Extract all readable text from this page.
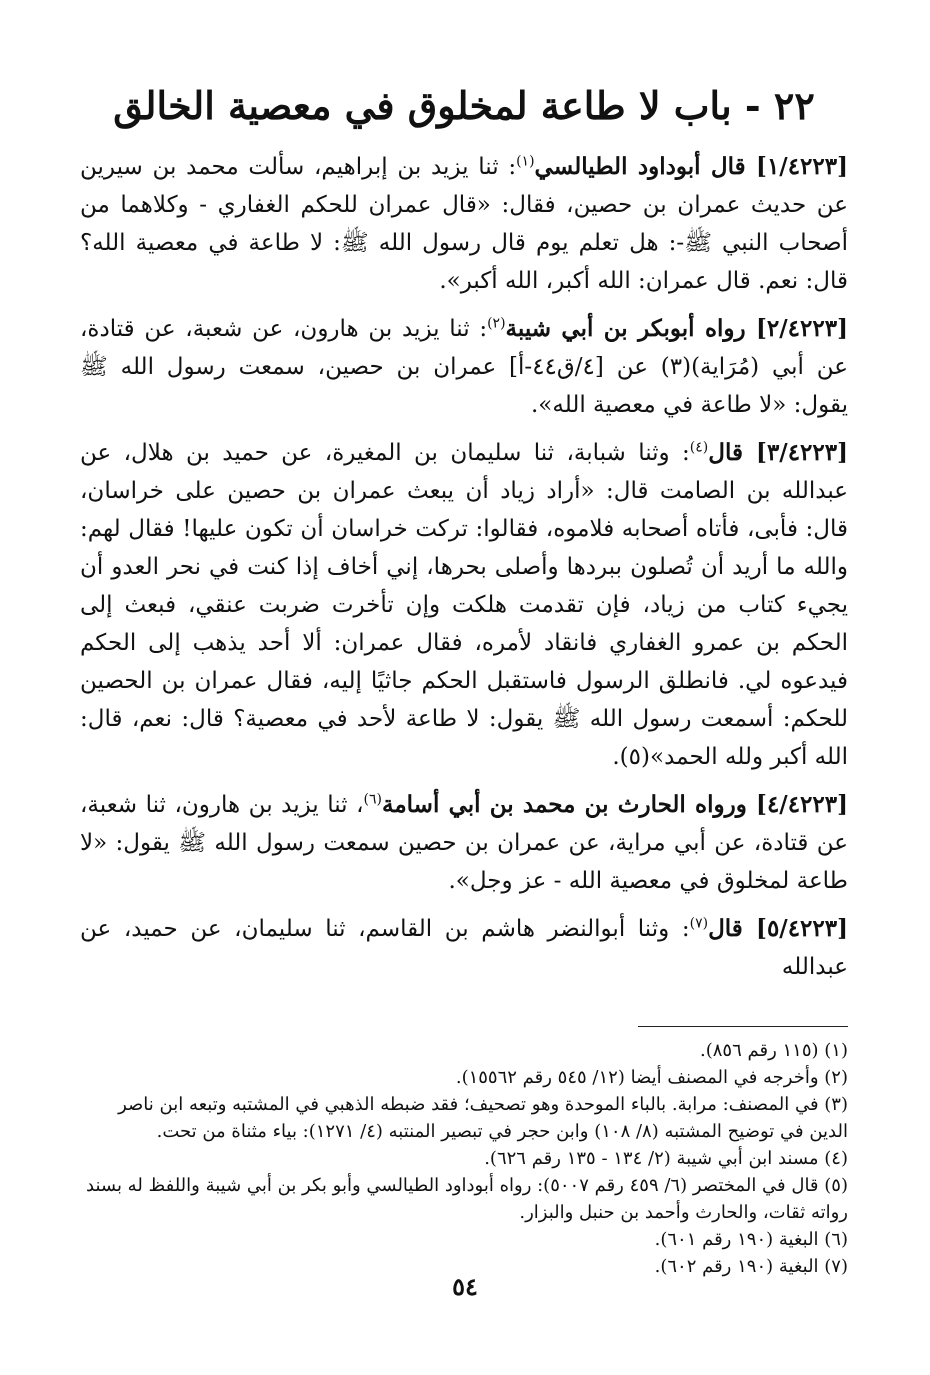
٢٢ - باب لا طاعة لمخلوق في معصية الخالق
[١/٤٢٢٣] قال أبوداود الطيالسي$^{(١)}$: ثنا يزيد بن إبراهيم، سألت محمد بن سيرين عن حديث عمران بن حصين، فقال: «قال عمران للحكم الغفاري - وكلاهما من أصحاب النبي ﷺ-: هل تعلم يوم قال رسول الله ﷺ: لا طاعة في معصية الله؟ قال: نعم. قال عمران: الله أكبر، الله أكبر».
[٢/٤٢٢٣] رواه أبوبكر بن أبي شيبة$^{(٢)}$: ثنا يزيد بن هارون، عن شعبة، عن قتادة، عن أبي (مُرَاية)(٣) عن [٤/ق٤٤-أ] عمران بن حصين، سمعت رسول الله ﷺ يقول: «لا طاعة في معصية الله».
[٣/٤٢٢٣] قال$^{(٤)}$: وثنا شبابة، ثنا سليمان بن المغيرة، عن حميد بن هلال، عن عبدالله بن الصامت قال: «أراد زياد أن يبعث عمران بن حصين على خراسان، قال: فأبى، فأتاه أصحابه فلاموه، فقالوا: تركت خراسان أن تكون عليها! فقال لهم: والله ما أريد أن تُصلون ببردها وأصلى بحرها، إني أخاف إذا كنت في نحر العدو أن يجيء كتاب من زياد، فإن تقدمت هلكت وإن تأخرت ضربت عنقي، فبعث إلى الحكم بن عمرو الغفاري فانقاد لأمره، فقال عمران: ألا أحد يذهب إلى الحكم فيدعوه لي. فانطلق الرسول فاستقبل الحكم جاثيًا إليه، فقال عمران بن الحصين للحكم: أسمعت رسول الله ﷺ يقول: لا طاعة لأحد في معصية؟ قال: نعم، قال: الله أكبر ولله الحمد»(٥).
[٤/٤٢٢٣] ورواه الحارث بن محمد بن أبي أسامة$^{(٦)}$، ثنا يزيد بن هارون، ثنا شعبة، عن قتادة، عن أبي مراية، عن عمران بن حصين سمعت رسول الله ﷺ يقول: «لا طاعة لمخلوق في معصية الله - عز وجل».
[٥/٤٢٢٣] قال$^{(٧)}$: وثنا أبوالنضر هاشم بن القاسم، ثنا سليمان، عن حميد، عن عبدالله
(١) (١١٥ رقم ٨٥٦).
(٢) وأخرجه في المصنف أيضا (١٢/ ٥٤٥ رقم ١٥٥٦٢).
(٣) في المصنف: مرابة. بالباء الموحدة وهو تصحيف؛ فقد ضبطه الذهبي في المشتبه وتبعه ابن ناصر الدين في توضيح المشتبه (٨/ ١٠٨) وابن حجر في تبصير المنتبه (٤/ ١٢٧١): بياء مثناة من تحت.
(٤) مسند ابن أبي شيبة (٢/ ١٣٤ - ١٣٥ رقم ٦٢٦).
(٥) قال في المختصر (٦/ ٤٥٩ رقم ٥٠٠٧): رواه أبوداود الطيالسي وأبو بكر بن أبي شيبة واللفظ له بسند رواته ثقات، والحارث وأحمد بن حنبل والبزار.
(٦) البغية (١٩٠ رقم ٦٠١).
(٧) البغية (١٩٠ رقم ٦٠٢).
٥٤
